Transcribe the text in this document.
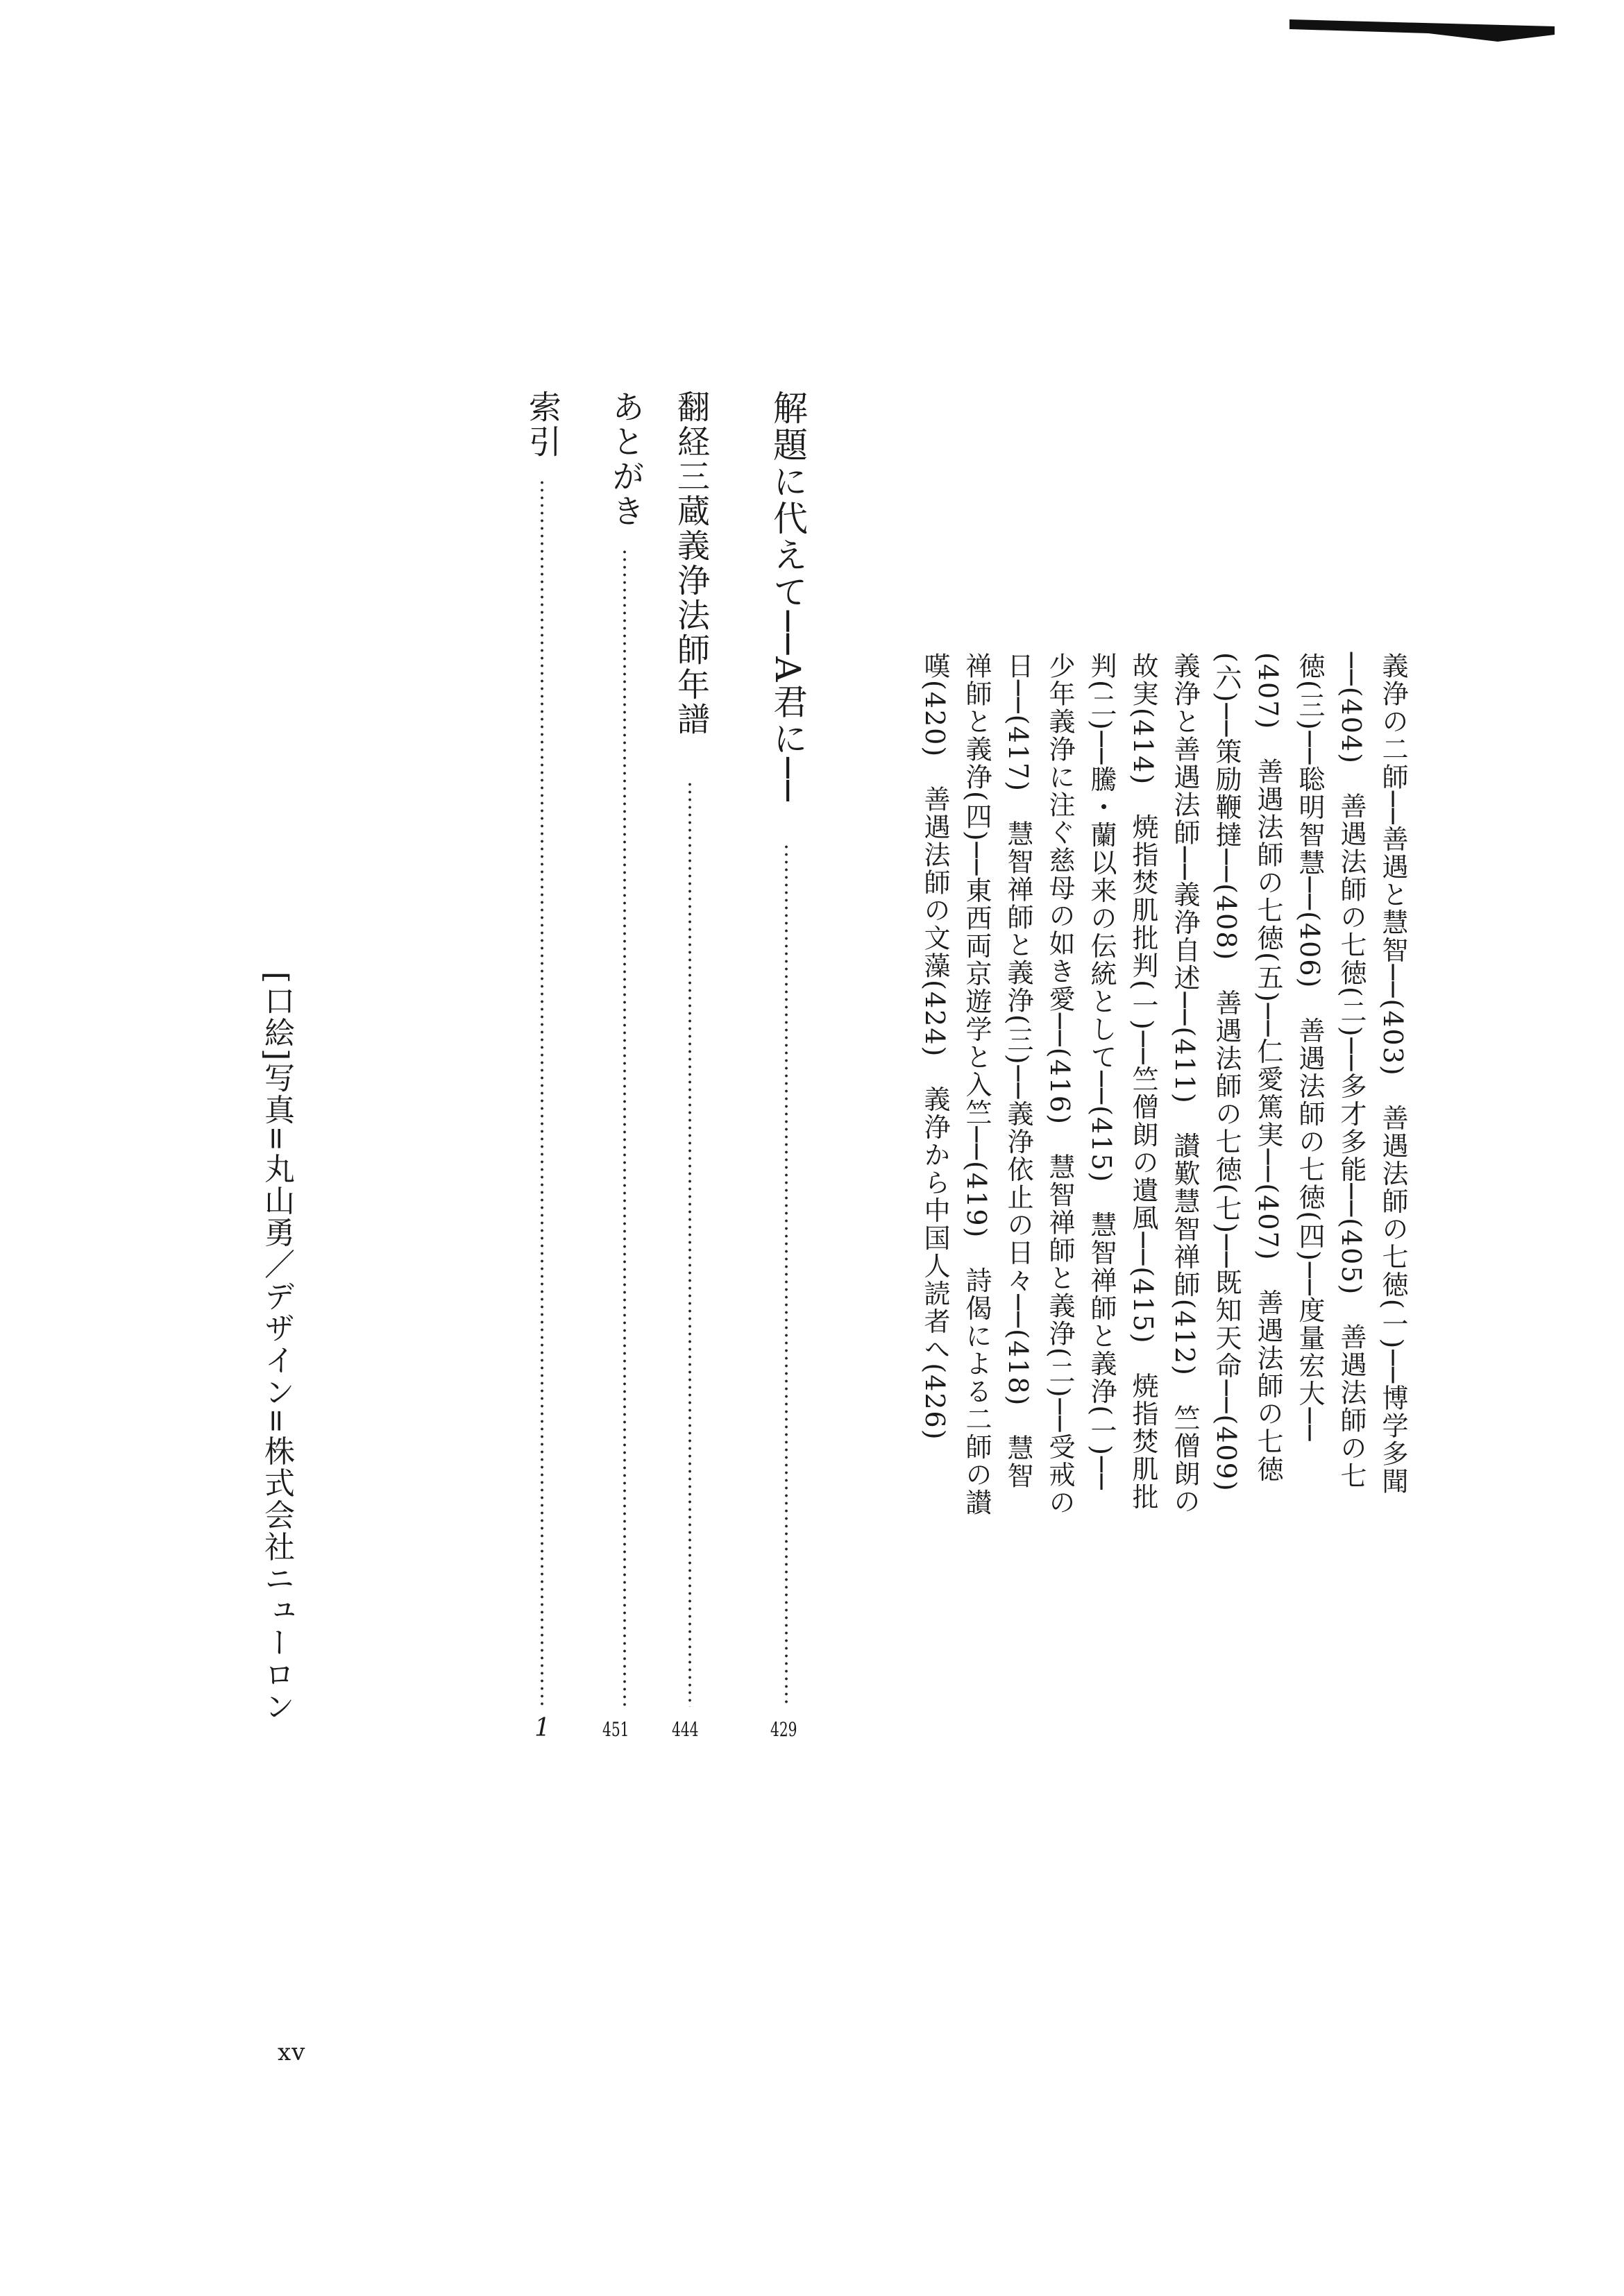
義浄の二師──善遇と慧智──(403)　善遇法師の七徳(一)──博学多聞
──(404)　善遇法師の七徳(二)──多才多能──(405)　善遇法師の七
徳(三)──聡明智慧──(406)　善遇法師の七徳(四)──度量宏大──
(407)　善遇法師の七徳(五)──仁愛篤実──(407)　善遇法師の七徳
(六)──策励鞭撻──(408)　善遇法師の七徳(七)──既知天命──(409)
義浄と善遇法師──義浄自述──(411)　讃歎慧智禅師(412)　竺僧朗の
故実(414)　焼指焚肌批判(一)──竺僧朗の遺風──(415)　焼指焚肌批
判(二)──騰・蘭以来の伝統として──(415)　慧智禅師と義浄(一)──
少年義浄に注ぐ慈母の如き愛──(416)　慧智禅師と義浄(二)──受戒の
日──(417)　慧智禅師と義浄(三)──義浄依止の日々──(418)　慧智
禅師と義浄(四)──東西両京遊学と入竺──(419)　詩偈による二師の讃
嘆(420)　善遇法師の文藻(424)　義浄から中国人読者へ(426)
解題に代えて──A君に──
429
翻経三蔵義浄法師年譜
444
あとがき
451
索引
1
[口絵]写真=丸山勇／デザイン=株式会社ニューロン
xv
